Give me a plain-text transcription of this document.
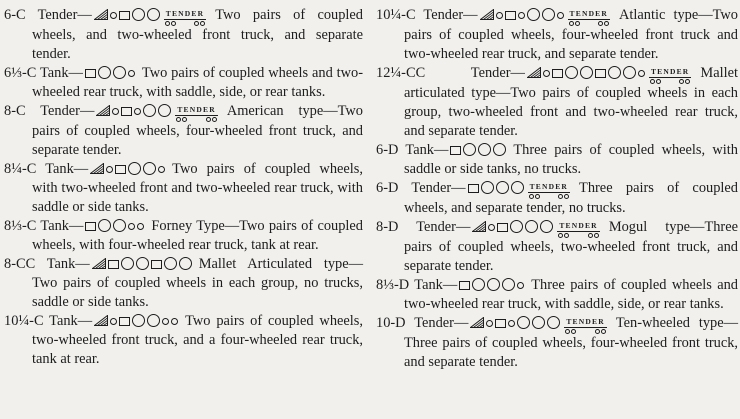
6-C Tender—	TENDER Two pairs of coupled wheels, and two-wheeled front truck, and separate tender.
6⅓-C Tank—	Two pairs of coupled wheels and two-wheeled rear truck, with saddle, side, or rear tanks.
8-C Tender—	TENDER American type—Two pairs of coupled wheels, four-wheeled front truck, and separate tender.
8¼-C Tank—	Two pairs of coupled wheels, with two-wheeled front and two-wheeled rear truck, with saddle or side tanks.
8⅓-C Tank—	Forney Type—Two pairs of coupled wheels, with four-wheeled rear truck, tank at rear.
8-CC Tank—	Mallet Articulated type—Two pairs of coupled wheels in each group, no trucks, saddle or side tanks.
10¼-C Tank—	Two pairs of coupled wheels, two-wheeled front truck, and a four-wheeled rear truck, tank at rear.
10¼-C Tender—	TENDER Atlantic type—Two pairs of coupled wheels, four-wheeled front truck and two-wheeled rear truck, and separate tender.
12¼-CC Tender—	TENDER Mallet articulated type—Two pairs of coupled wheels in each group, two-wheeled front and two-wheeled rear truck, and separate tender.
6-D Tank—	Three pairs of coupled wheels, with saddle or side tanks, no trucks.
6-D Tender—	TENDER Three pairs of coupled wheels, and separate tender, no trucks.
8-D Tender—	TENDER Mogul type—Three pairs of coupled wheels, two-wheeled front truck, and separate tender.
8⅓-D Tank—	Three pairs of coupled wheels and two-wheeled rear truck, with saddle, side, or rear tanks.
10-D Tender—	TENDER Ten-wheeled type—Three pairs of coupled wheels, four-wheeled front truck, and separate tender.
